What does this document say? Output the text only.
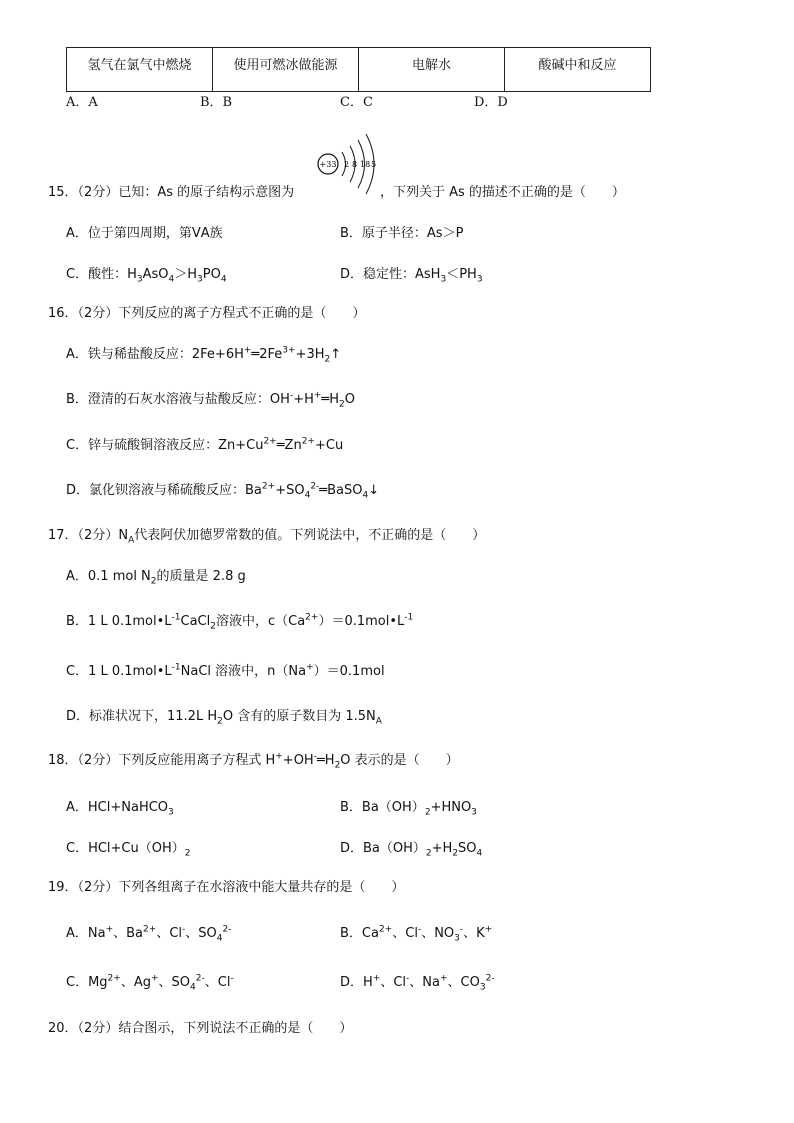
氢气在氯气中燃烧	使用可燃冰做能源	电解水	酸碱中和反应
A．A	B．B	C．C	D．D
15．（2分）已知：As 的原子结构示意图为
+33 2 8 18 5
，下列关于 As 的描述不正确的是（　　）
A．位于第四周期，第ⅤA族	B．原子半径：As＞P
C．酸性：$H_3AsO_4>H_3PO_4$	D．稳定性：$AsH_3<PH_3$
16．（2分）下列反应的离子方程式不正确的是（　　）
A．铁与稀盐酸反应：$2Fe+6H^+═2Fe^{3+}+3H_2↑$
B．澄清的石灰水溶液与盐酸反应：$OH^-+H^+═H_2O$
C．锌与硫酸铜溶液反应：$Zn+Cu^{2+}═Zn^{2+}+Cu$
D．氯化钡溶液与稀硫酸反应：$Ba^{2+}+SO_4^{2-}═BaSO_4↓$
17．（2分）$N_A$代表阿伏加德罗常数的值。下列说法中，不正确的是（　　）
A．0.1 mol $N_2$的质量是 2.8 g
B．1 L $0.1mol•L^{-1}CaCl_2$溶液中，$c(Ca^{2+})=0.1mol•L^{-1}$
C．1 L $0.1mol•L^{-1}NaCl$ 溶液中，n（Na+）＝0.1mol
D．标准状况下，11.2L $H_2O$ 含有的原子数目为 $1.5N_A$
18．（2分）下列反应能用离子方程式 $H^++OH^-═H_2O$ 表示的是（　　）
A．HCl+NaHCO$_3$	B．$Ba(OH)_2+HNO_3$
C．$HCl+Cu(OH)_2$	D．$Ba(OH)_2+H_2SO_4$
19．（2分）下列各组离子在水溶液中能大量共存的是（　　）
A．Na+、$Ba^{2+}$、Cl-、$SO_4^{2-}$	B．$Ca^{2+}$、Cl-、$NO_3^-$、K+
C．$Mg^{2+}$、Ag+、$SO_4^{2-}$、Cl-	D．H+、Cl-、Na+、$CO_3^{2-}$
20．（2分）结合图示，下列说法不正确的是（　　）
